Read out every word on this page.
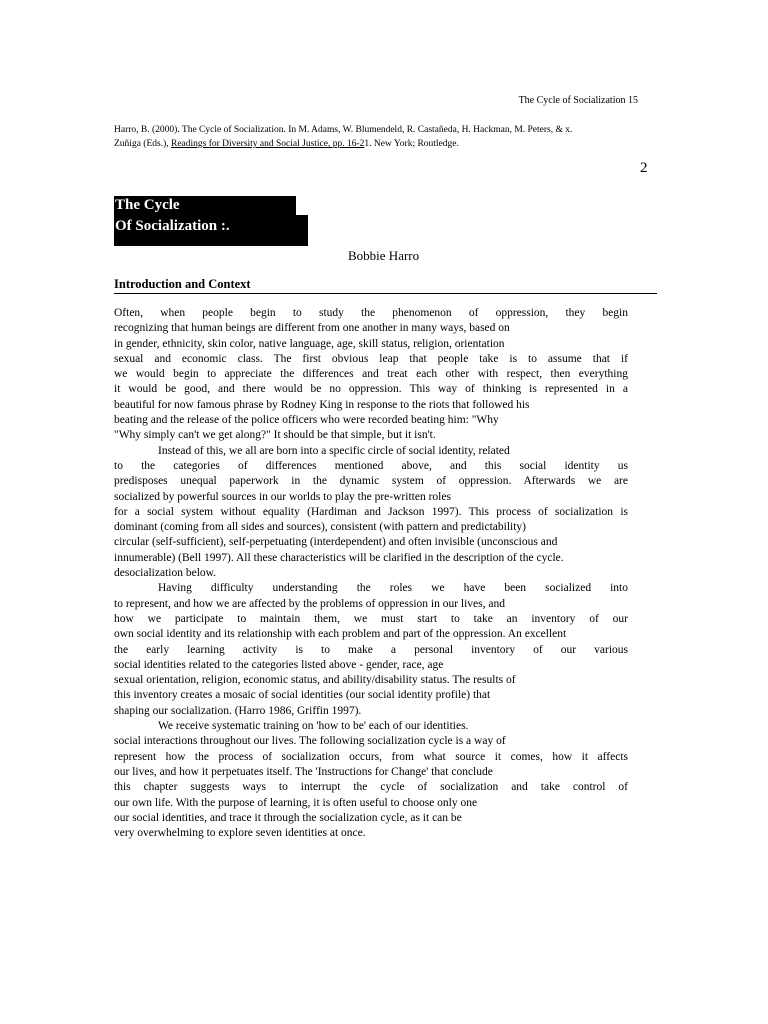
The Cycle of Socialization 15
Harro, B. (2000). The Cycle of Socialization. In M. Adams, W. Blumendeld, R. Castañeda, H. Hackman, M. Peters, & x.
Zuñiga (Eds.), Readings for Diversity and Social Justice, pp. 16-21. New York; Routledge.
2
The Cycle
Of Socialization :.
Bobbie Harro
Introduction and Context
Often, when people begin to study the phenomenon of oppression, they begin
recognizing that human beings are different from one another in many ways, based on
in gender, ethnicity, skin color, native language, age, skill status, religion, orientation
sexual and economic class. The first obvious leap that people take is to assume that if
we would begin to appreciate the differences and treat each other with respect, then everything
it would be good, and there would be no oppression. This way of thinking is represented in a
beautiful for now famous phrase by Rodney King in response to the riots that followed his
beating and the release of the police officers who were recorded beating him: "Why
"Why simply can't we get along?" It should be that simple, but it isn't.
Instead of this, we all are born into a specific circle of social identity, related
to the categories of differences mentioned above, and this social identity us
predisposes unequal paperwork in the dynamic system of oppression. Afterwards we are
socialized by powerful sources in our worlds to play the pre-written roles
for a social system without equality (Hardiman and Jackson 1997). This process of socialization is
dominant (coming from all sides and sources), consistent (with pattern and predictability)
circular (self-sufficient), self-perpetuating (interdependent) and often invisible (unconscious and
innumerable) (Bell 1997). All these characteristics will be clarified in the description of the cycle.
desocialization below.
Having difficulty understanding the roles we have been socialized into
to represent, and how we are affected by the problems of oppression in our lives, and
how we participate to maintain them, we must start to take an inventory of our
own social identity and its relationship with each problem and part of the oppression. An excellent
the early learning activity is to make a personal inventory of our various
social identities related to the categories listed above - gender, race, age
sexual orientation, religion, economic status, and ability/disability status. The results of
this inventory creates a mosaic of social identities (our social identity profile) that
shaping our socialization. (Harro 1986, Griffin 1997).
We receive systematic training on 'how to be' each of our identities.
social interactions throughout our lives. The following socialization cycle is a way of
represent how the process of socialization occurs, from what source it comes, how it affects
our lives, and how it perpetuates itself. The 'Instructions for Change' that conclude
this chapter suggests ways to interrupt the cycle of socialization and take control of
our own life. With the purpose of learning, it is often useful to choose only one
our social identities, and trace it through the socialization cycle, as it can be
very overwhelming to explore seven identities at once.
